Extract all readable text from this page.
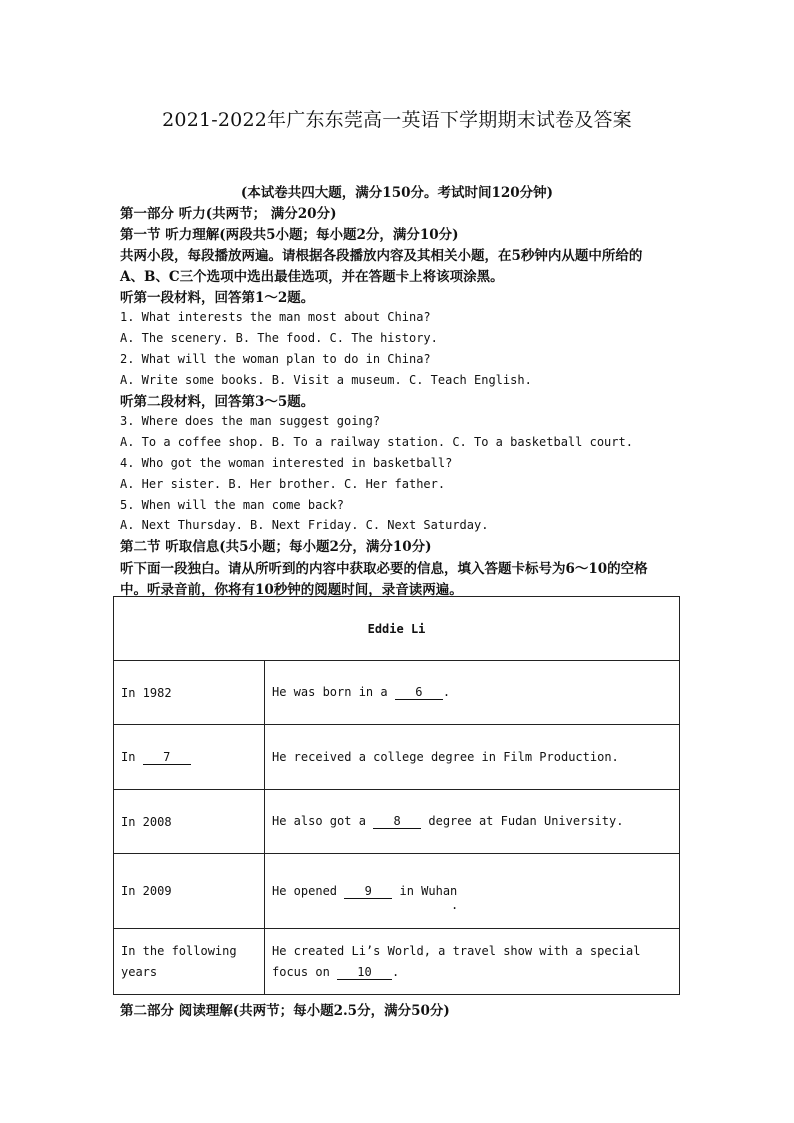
2021-2022年广东东莞高一英语下学期期末试卷及答案
(本试卷共四大题，满分150分。考试时间120分钟)
第一部分 听力(共两节； 满分20分)
第一节 听力理解(两段共5小题；每小题2分，满分10分)
共两小段，每段播放两遍。请根据各段播放内容及其相关小题，在5秒钟内从题中所给的
A、B、C三个选项中选出最佳选项，并在答题卡上将该项涂黑。
听第一段材料，回答第1～2题。
1. What interests the man most about China?
A. The scenery. B. The food. C. The history.
2. What will the woman plan to do in China?
A. Write some books. B. Visit a museum. C. Teach English.
听第二段材料，回答第3～5题。
3. Where does the man suggest going?
A. To a coffee shop. B. To a railway station. C. To a basketball court.
4. Who got the woman interested in basketball?
A. Her sister. B. Her brother. C. Her father.
5. When will the man come back?
A. Next Thursday. B. Next Friday. C. Next Saturday.
第二节 听取信息(共5小题；每小题2分，满分10分)
听下面一段独白。请从所听到的内容中获取必要的信息，填入答题卡标号为6～10的空格
中。听录音前，你将有10秒钟的阅题时间，录音读两遍。
Eddie Li	
In 1982	He was born in a 6 .
In 7	He received a college degree in Film Production.
In 2008	He also got a 8 degree at Fudan University.
In 2009	He opened 9 in Wuhan
.

In the following
years	He created Li’s World, a travel show with a special
focus on 10 .
第二部分 阅读理解(共两节；每小题2.5分，满分50分)
